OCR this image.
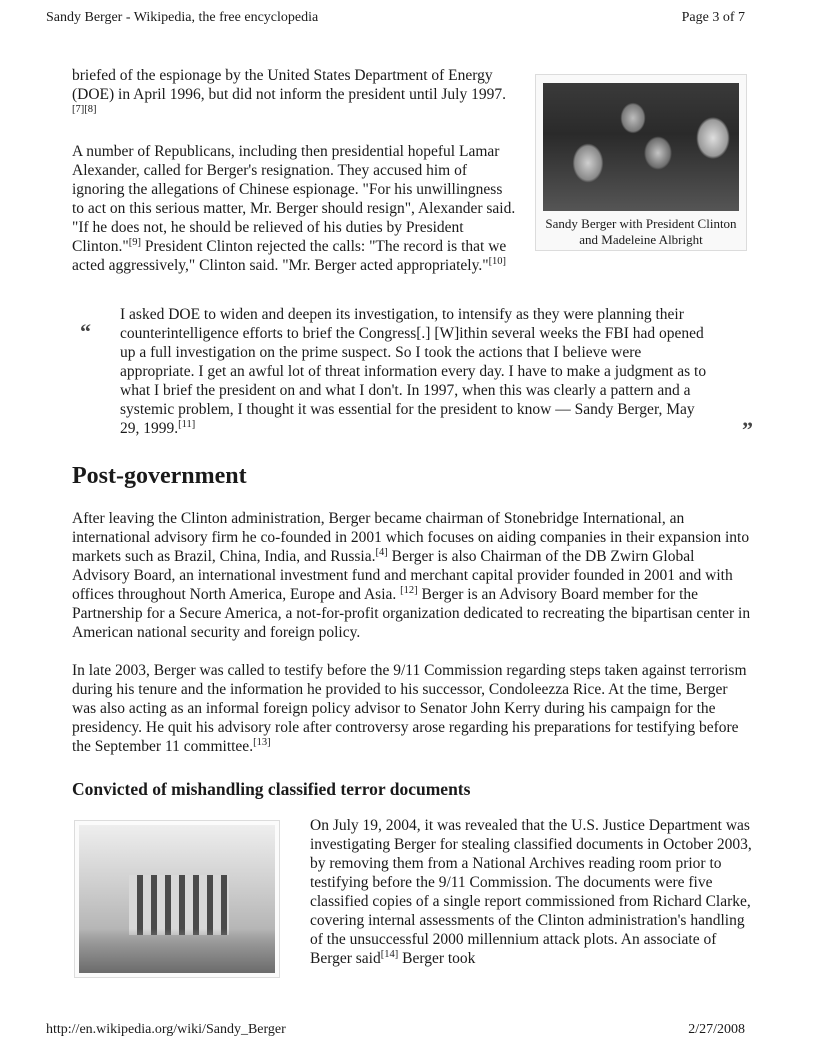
Sandy Berger - Wikipedia, the free encyclopedia	Page 3 of 7
Sandy Berger with President Clinton and Madeleine Albright

briefed of the espionage by the United States Department of Energy (DOE) in April 1996, but did not inform the president until July 1997.[7][8]

A number of Republicans, including then presidential hopeful Lamar Alexander, called for Berger's resignation. They accused him of ignoring the allegations of Chinese espionage. "For his unwillingness to act on this serious matter, Mr. Berger should resign", Alexander said. "If he does not, he should be relieved of his duties by President Clinton."[9] President Clinton rejected the calls: "The record is that we acted aggressively," Clinton said. "Mr. Berger acted appropriately."[10]

“

I asked DOE to widen and deepen its investigation, to intensify as they were planning their counterintelligence efforts to brief the Congress[.] [W]ithin several weeks the FBI had opened up a full investigation on the prime suspect. So I took the actions that I believe were appropriate. I get an awful lot of threat information every day. I have to make a judgment as to what I brief the president on and what I don't. In 1997, when this was clearly a pattern and a systemic problem, I thought it was essential for the president to know — Sandy Berger, May 29, 1999.[11]	”
Post-government

After leaving the Clinton administration, Berger became chairman of Stonebridge International, an international advisory firm he co-founded in 2001 which focuses on aiding companies in their expansion into markets such as Brazil, China, India, and Russia.[4] Berger is also Chairman of the DB Zwirn Global Advisory Board, an international investment fund and merchant capital provider founded in 2001 and with offices throughout North America, Europe and Asia. [12] Berger is an Advisory Board member for the Partnership for a Secure America, a not-for-profit organization dedicated to recreating the bipartisan center in American national security and foreign policy.

In late 2003, Berger was called to testify before the 9/11 Commission regarding steps taken against terrorism during his tenure and the information he provided to his successor, Condoleezza Rice. At the time, Berger was also acting as an informal foreign policy advisor to Senator John Kerry during his campaign for the presidency. He quit his advisory role after controversy arose regarding his preparations for testifying before the September 11 committee.[13]

Convicted of mishandling classified terror documents

On July 19, 2004, it was revealed that the U.S. Justice Department was investigating Berger for stealing classified documents in October 2003, by removing them from a National Archives reading room prior to testifying before the 9/11 Commission. The documents were five classified copies of a single report commissioned from Richard Clarke, covering internal assessments of the Clinton administration's handling of the unsuccessful 2000 millennium attack plots. An associate of Berger said[14] Berger took

http://en.wikipedia.org/wiki/Sandy_Berger	2/27/2008
